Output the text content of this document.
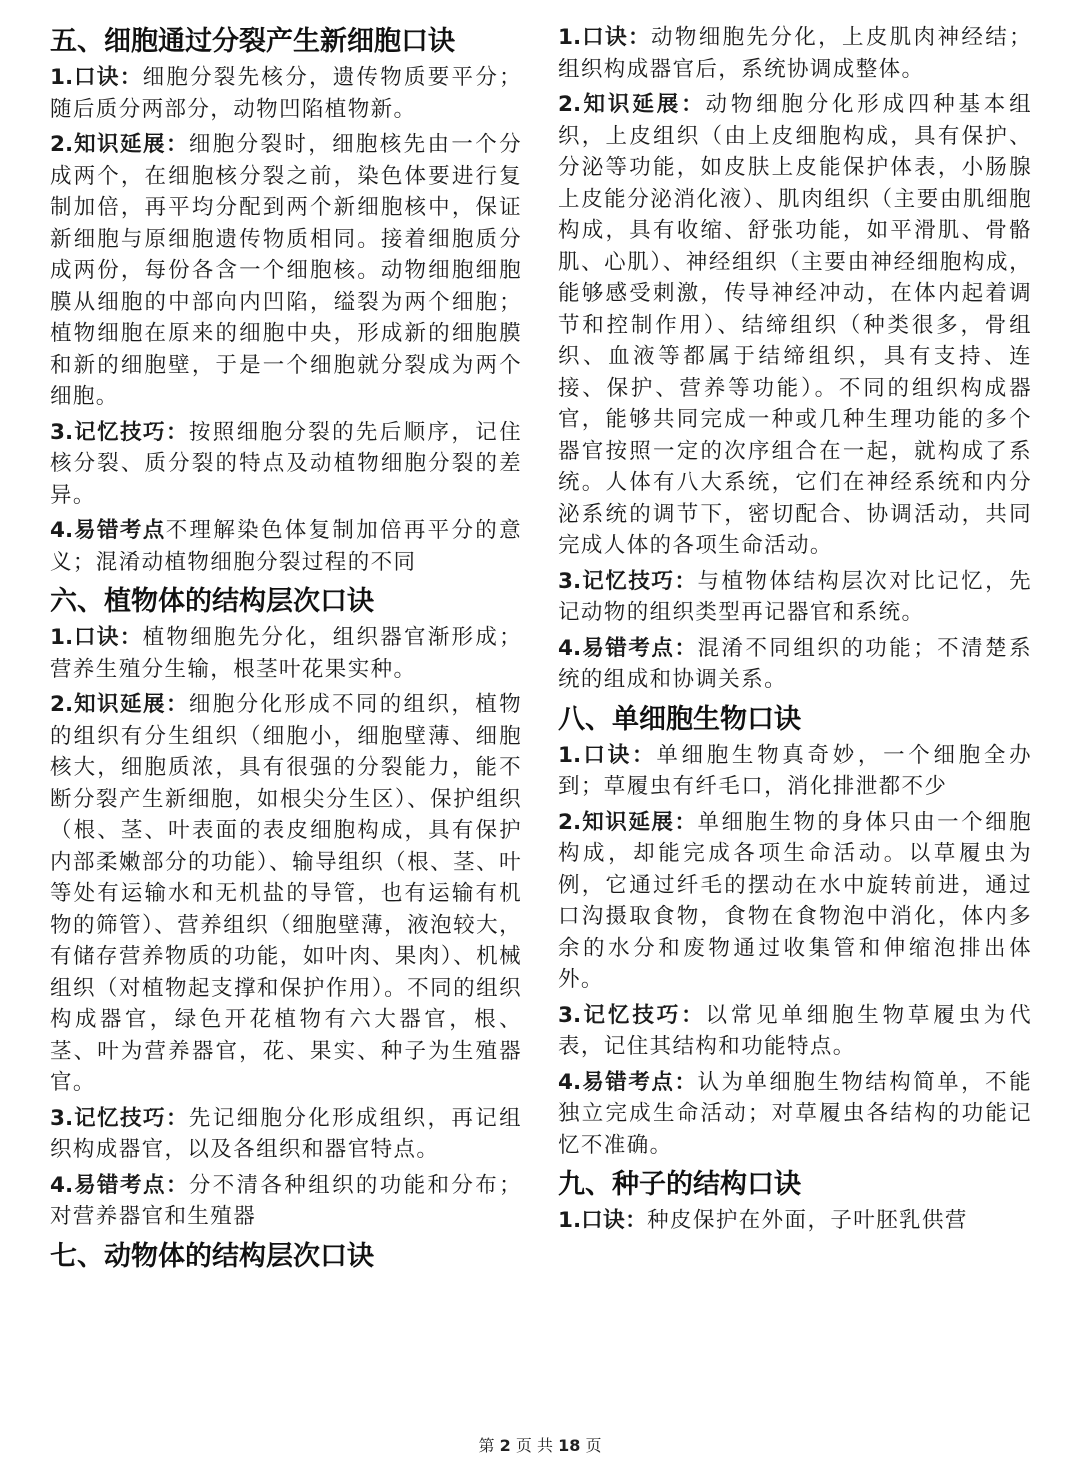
五、细胞通过分裂产生新细胞口诀

1.口诀：细胞分裂先核分，遗传物质要平分；随后质分两部分，动物凹陷植物新。

2.知识延展：细胞分裂时，细胞核先由一个分成两个，在细胞核分裂之前，染色体要进行复制加倍，再平均分配到两个新细胞核中，保证新细胞与原细胞遗传物质相同。接着细胞质分成两份，每份各含一个细胞核。动物细胞细胞膜从细胞的中部向内凹陷，缢裂为两个细胞；植物细胞在原来的细胞中央，形成新的细胞膜和新的细胞壁，于是一个细胞就分裂成为两个细胞。

3.记忆技巧：按照细胞分裂的先后顺序，记住核分裂、质分裂的特点及动植物细胞分裂的差异。

4.易错考点不理解染色体复制加倍再平分的意义；混淆动植物细胞分裂过程的不同

六、植物体的结构层次口诀

1.口诀：植物细胞先分化，组织器官渐形成；营养生殖分生输，根茎叶花果实种。

2.知识延展：细胞分化形成不同的组织，植物的组织有分生组织（细胞小，细胞壁薄、细胞核大，细胞质浓，具有很强的分裂能力，能不断分裂产生新细胞，如根尖分生区）、保护组织（根、茎、叶表面的表皮细胞构成，具有保护内部柔嫩部分的功能）、输导组织（根、茎、叶等处有运输水和无机盐的导管，也有运输有机物的筛管）、营养组织（细胞壁薄，液泡较大，有储存营养物质的功能，如叶肉、果肉）、机械组织（对植物起支撑和保护作用）。不同的组织构成器官，绿色开花植物有六大器官，根、茎、叶为营养器官，花、果实、种子为生殖器官。

3.记忆技巧：先记细胞分化形成组织，再记组织构成器官，以及各组织和器官特点。

4.易错考点：分不清各种组织的功能和分布；对营养器官和生殖器

七、动物体的结构层次口诀

1.口诀：动物细胞先分化，上皮肌肉神经结；组织构成器官后，系统协调成整体。

2.知识延展：动物细胞分化形成四种基本组织，上皮组织（由上皮细胞构成，具有保护、分泌等功能，如皮肤上皮能保护体表，小肠腺上皮能分泌消化液）、肌肉组织（主要由肌细胞构成，具有收缩、舒张功能，如平滑肌、骨骼肌、心肌）、神经组织（主要由神经细胞构成，能够感受刺激，传导神经冲动，在体内起着调节和控制作用）、结缔组织（种类很多，骨组织、血液等都属于结缔组织，具有支持、连接、保护、营养等功能）。不同的组织构成器官，能够共同完成一种或几种生理功能的多个器官按照一定的次序组合在一起，就构成了系统。人体有八大系统，它们在神经系统和内分泌系统的调节下，密切配合、协调活动，共同完成人体的各项生命活动。

3.记忆技巧：与植物体结构层次对比记忆，先记动物的组织类型再记器官和系统。

4.易错考点：混淆不同组织的功能；不清楚系统的组成和协调关系。

八、单细胞生物口诀

1.口诀：单细胞生物真奇妙，一个细胞全办到；草履虫有纤毛口，消化排泄都不少

2.知识延展：单细胞生物的身体只由一个细胞构成，却能完成各项生命活动。以草履虫为例，它通过纤毛的摆动在水中旋转前进，通过口沟摄取食物，食物在食物泡中消化，体内多余的水分和废物通过收集管和伸缩泡排出体外。

3.记忆技巧：以常见单细胞生物草履虫为代表，记住其结构和功能特点。

4.易错考点：认为单细胞生物结构简单，不能独立完成生命活动；对草履虫各结构的功能记忆不准确。

九、种子的结构口诀

1.口诀：种皮保护在外面，子叶胚乳供营

第 2 页 共 18 页
